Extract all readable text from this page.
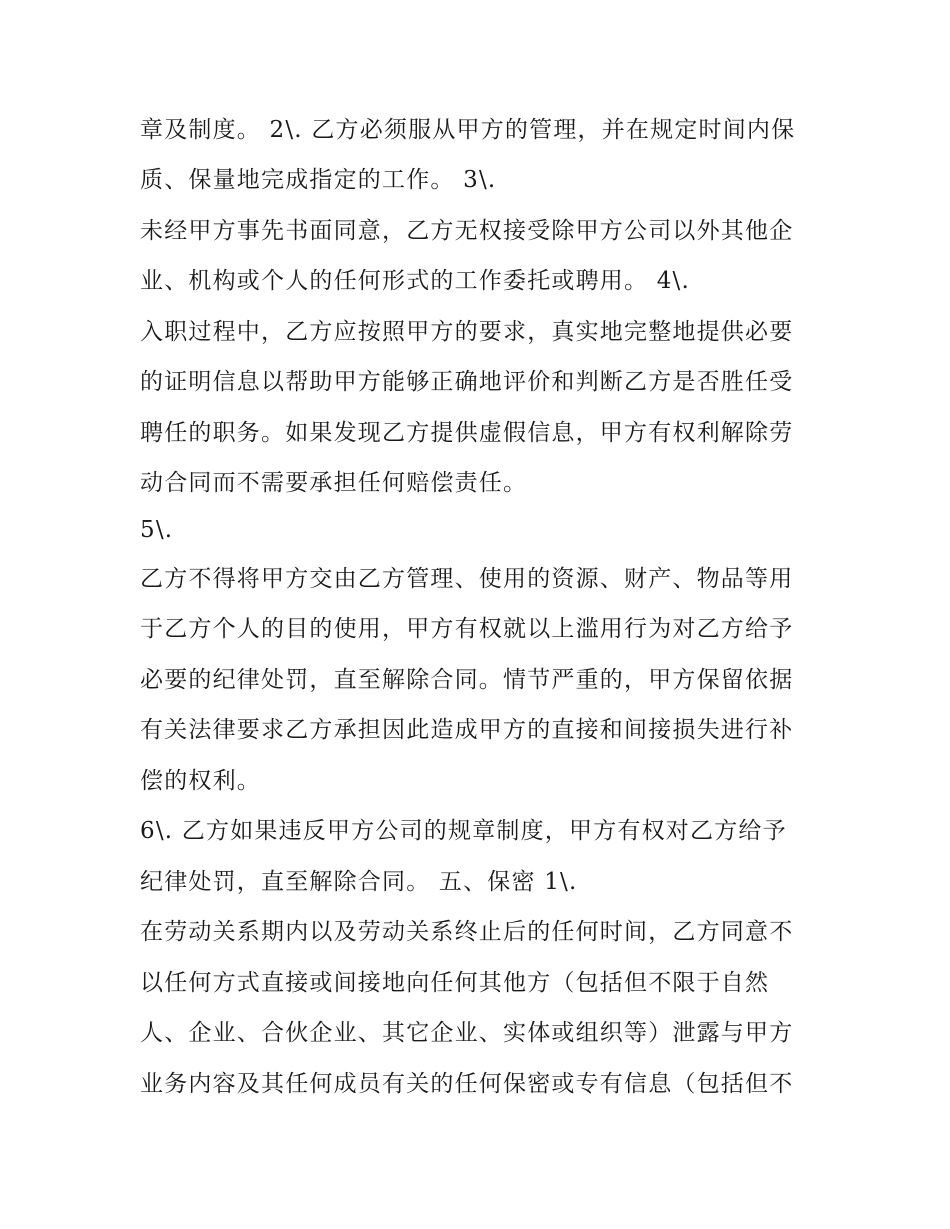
章及制度。 2\. 乙方必须服从甲方的管理，并在规定时间内保
质、保量地完成指定的工作。 3\.
未经甲方事先书面同意，乙方无权接受除甲方公司以外其他企
业、机构或个人的任何形式的工作委托或聘用。 4\.
入职过程中，乙方应按照甲方的要求，真实地完整地提供必要
的证明信息以帮助甲方能够正确地评价和判断乙方是否胜任受
聘任的职务。如果发现乙方提供虚假信息，甲方有权利解除劳
动合同而不需要承担任何赔偿责任。
5\.
乙方不得将甲方交由乙方管理、使用的资源、财产、物品等用
于乙方个人的目的使用，甲方有权就以上滥用行为对乙方给予
必要的纪律处罚，直至解除合同。情节严重的，甲方保留依据
有关法律要求乙方承担因此造成甲方的直接和间接损失进行补
偿的权利。
6\. 乙方如果违反甲方公司的规章制度，甲方有权对乙方给予
纪律处罚，直至解除合同。 五、保密 1\.
在劳动关系期内以及劳动关系终止后的任何时间，乙方同意不
以任何方式直接或间接地向任何其他方（包括但不限于自然
人、企业、合伙企业、其它企业、实体或组织等）泄露与甲方
业务内容及其任何成员有关的任何保密或专有信息（包括但不
